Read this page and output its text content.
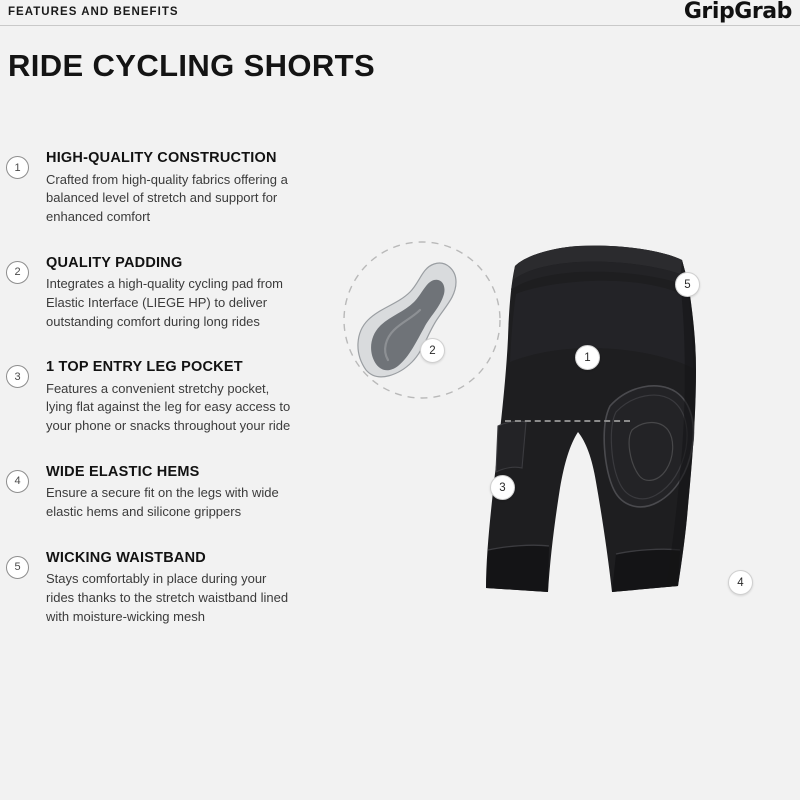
FEATURES AND BENEFITS	GripGrab
RIDE CYCLING SHORTS
1
HIGH-QUALITY CONSTRUCTION

Crafted from high-quality fabrics offering a balanced level of stretch and support for enhanced comfort

2
QUALITY PADDING

Integrates a high-quality cycling pad from Elastic Interface (LIEGE HP) to deliver outstanding comfort during long rides

3
1 TOP ENTRY LEG POCKET

Features a convenient stretchy pocket, lying flat against the leg for easy access to your phone or snacks throughout your ride

4
WIDE ELASTIC HEMS

Ensure a secure fit on the legs with wide elastic hems and silicone grippers

5
WICKING WAISTBAND

Stays comfortably in place during your rides thanks to the stretch waistband lined with moisture-wicking mesh

2
5
1
3
4
